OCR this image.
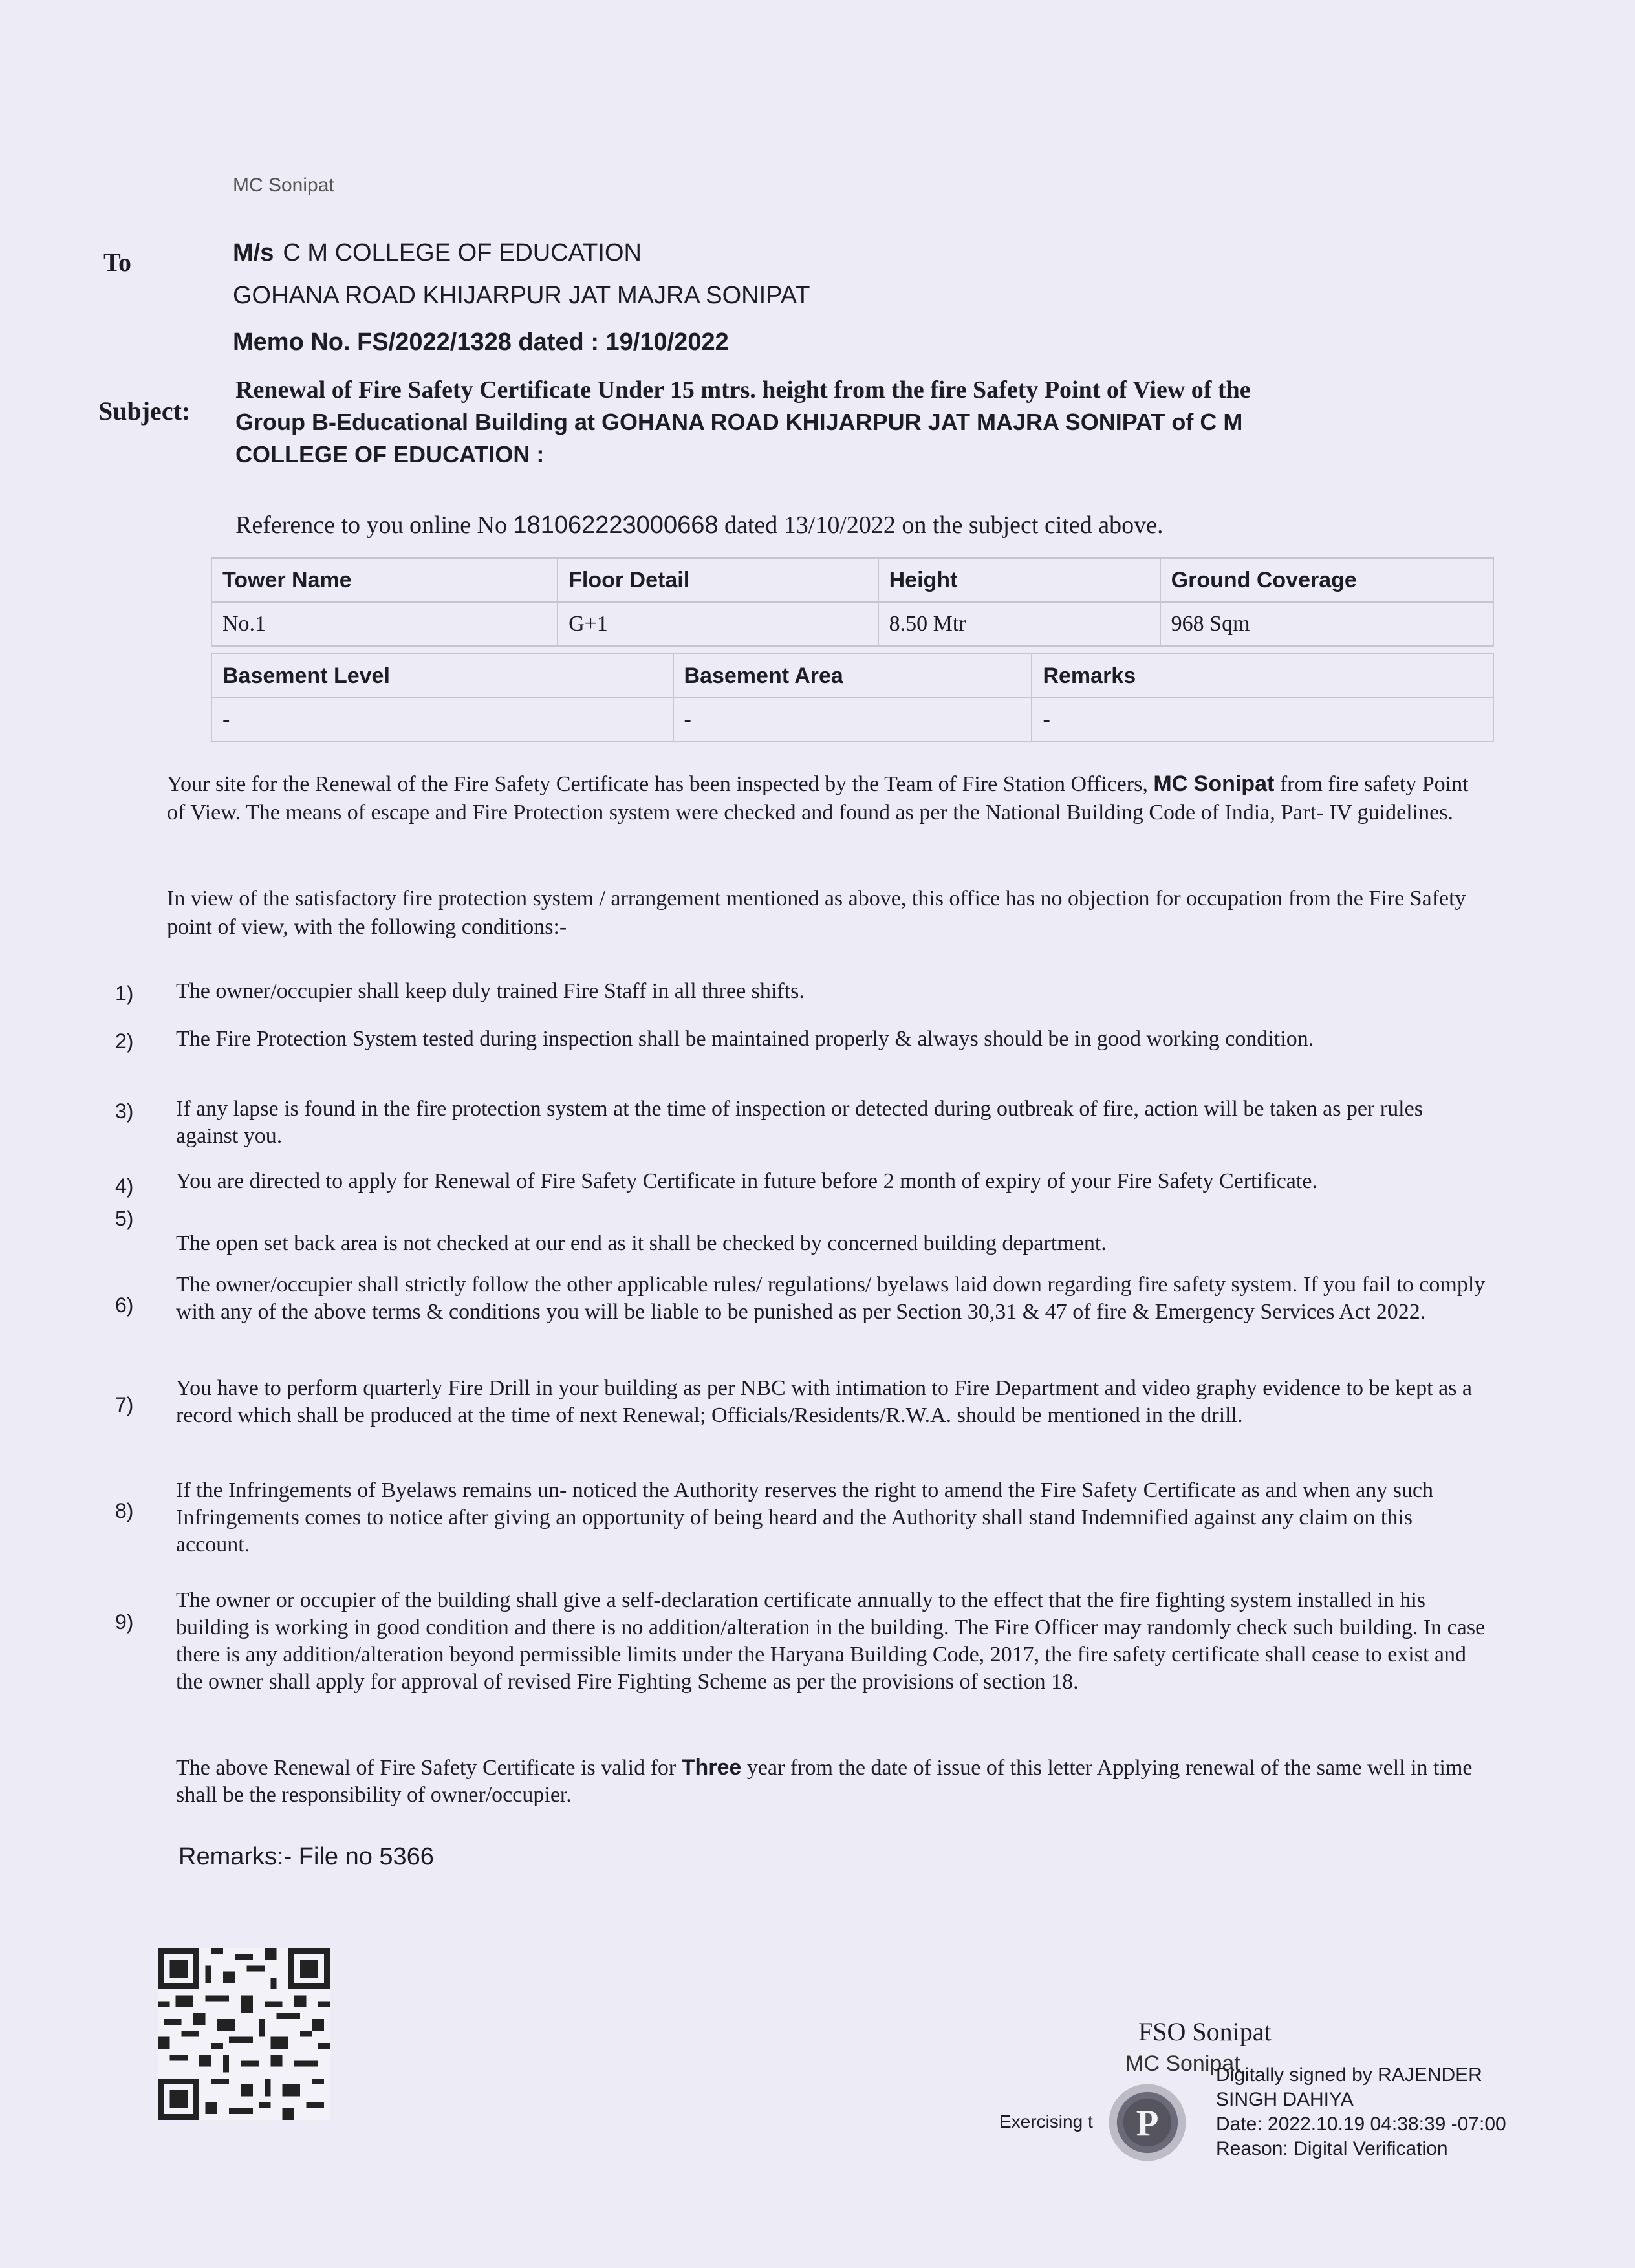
MC Sonipat
To	M/s C M COLLEGE OF EDUCATION
GOHANA ROAD KHIJARPUR JAT MAJRA SONIPAT
Memo No. FS/2022/1328 dated : 19/10/2022
Subject:
Renewal of Fire Safety Certificate Under 15 mtrs. height from the fire Safety Point of View of the
Group B-Educational Building at GOHANA ROAD KHIJARPUR JAT MAJRA SONIPAT of C M
COLLEGE OF EDUCATION :
Reference to you online No 181062223000668 dated 13/10/2022 on the subject cited above.
Tower Name	Floor Detail	Height	Ground Coverage
No.1	G+1	8.50 Mtr	968 Sqm
Basement Level	Basement Area	Remarks
-	-	-
Your site for the Renewal of the Fire Safety Certificate has been inspected by the Team of Fire Station Officers, MC Sonipat from fire safety Point of View. The means of escape and Fire Protection system were checked and found as per the National Building Code of India, Part- IV guidelines.
In view of the satisfactory fire protection system / arrangement mentioned as above, this office has no objection for occupation from the Fire Safety point of view, with the following conditions:-
1) The owner/occupier shall keep duly trained Fire Staff in all three shifts.
2) The Fire Protection System tested during inspection shall be maintained properly & always should be in good working condition.
3) If any lapse is found in the fire protection system at the time of inspection or detected during outbreak of fire, action will be taken as per rules against you.
4) You are directed to apply for Renewal of Fire Safety Certificate in future before 2 month of expiry of your Fire Safety Certificate.
5)
The open set back area is not checked at our end as it shall be checked by concerned building department.
6)
The owner/occupier shall strictly follow the other applicable rules/ regulations/ byelaws laid down regarding fire safety system. If you fail to comply with any of the above terms & conditions you will be liable to be punished as per Section 30,31 & 47 of fire & Emergency Services Act 2022.
7)
You have to perform quarterly Fire Drill in your building as per NBC with intimation to Fire Department and video graphy evidence to be kept as a record which shall be produced at the time of next Renewal; Officials/Residents/R.W.A. should be mentioned in the drill.
8)
If the Infringements of Byelaws remains un- noticed the Authority reserves the right to amend the Fire Safety Certificate as and when any such Infringements comes to notice after giving an opportunity of being heard and the Authority shall stand Indemnified against any claim on this account.
9)
The owner or occupier of the building shall give a self-declaration certificate annually to the effect that the fire fighting system installed in his building is working in good condition and there is no addition/alteration in the building. The Fire Officer may randomly check such building. In case there is any addition/alteration beyond permissible limits under the Haryana Building Code, 2017, the fire safety certificate shall cease to exist and the owner shall apply for approval of revised Fire Fighting Scheme as per the provisions of section 18.
The above Renewal of Fire Safety Certificate is valid for Three year from the date of issue of this letter Applying renewal of the same well in time shall be the responsibility of owner/occupier.
Remarks:- File no 5366
FSO Sonipat
MC Sonipat
Digitally signed by RAJENDER
SINGH DAHIYA
Date: 2022.10.19 04:38:39 -07:00
Reason: Digital Verification
Exercising t P
